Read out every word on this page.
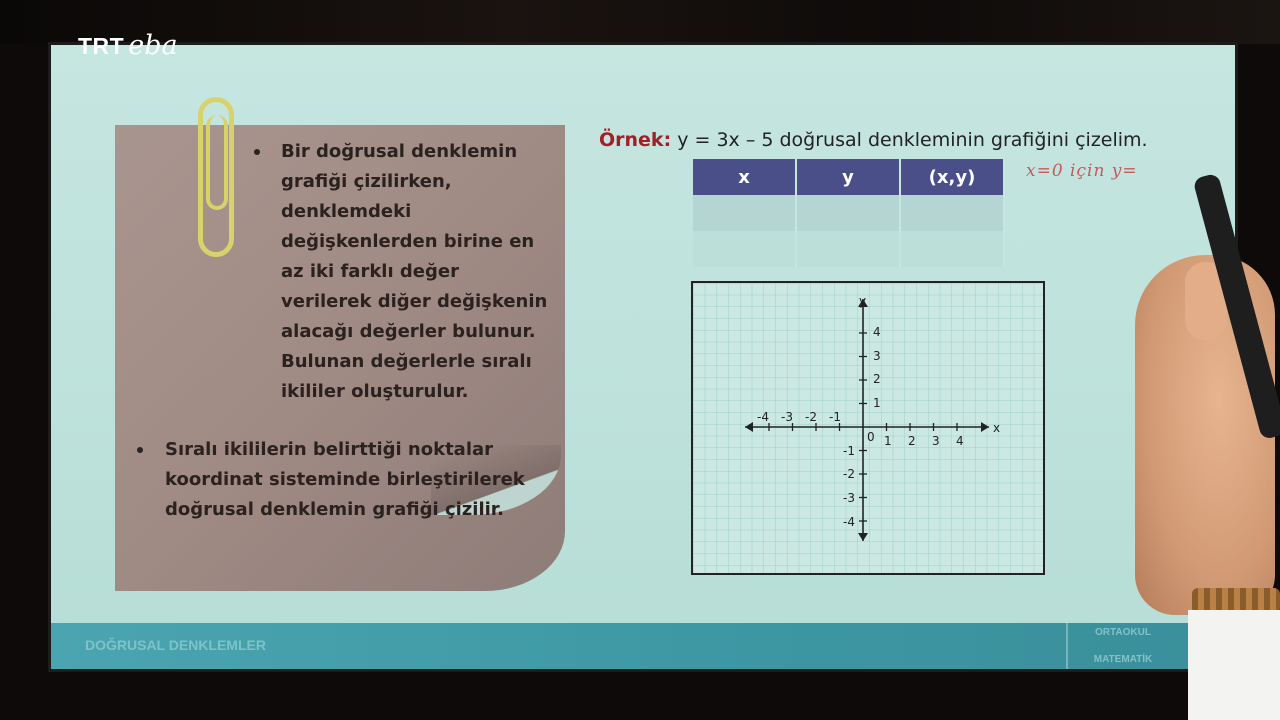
TRT eba
Bir doğrusal denklemin
grafiği çizilirken,
denklemdeki
değişkenlerden birine en
az iki farklı değer
verilerek diğer değişkenin
alacağı değerler bulunur.
Bulunan değerlerle sıralı
ikililer oluşturulur.
Sıralı ikililerin belirttiği noktalar
koordinat sisteminde birleştirilerek
doğrusal denklemin grafiği çizilir.
Örnek: y = 3x – 5 doğrusal denkleminin grafiğini çizelim.
x	y	(x,y)

			x=0 için y=
x
y
0
-4 -3 -2 -1
1 2 3 4
1
2
3
4
-1
-2
-3
-4
DOĞRUSAL DENKLEMLER
ORTAOKUL
MATEMATİK
